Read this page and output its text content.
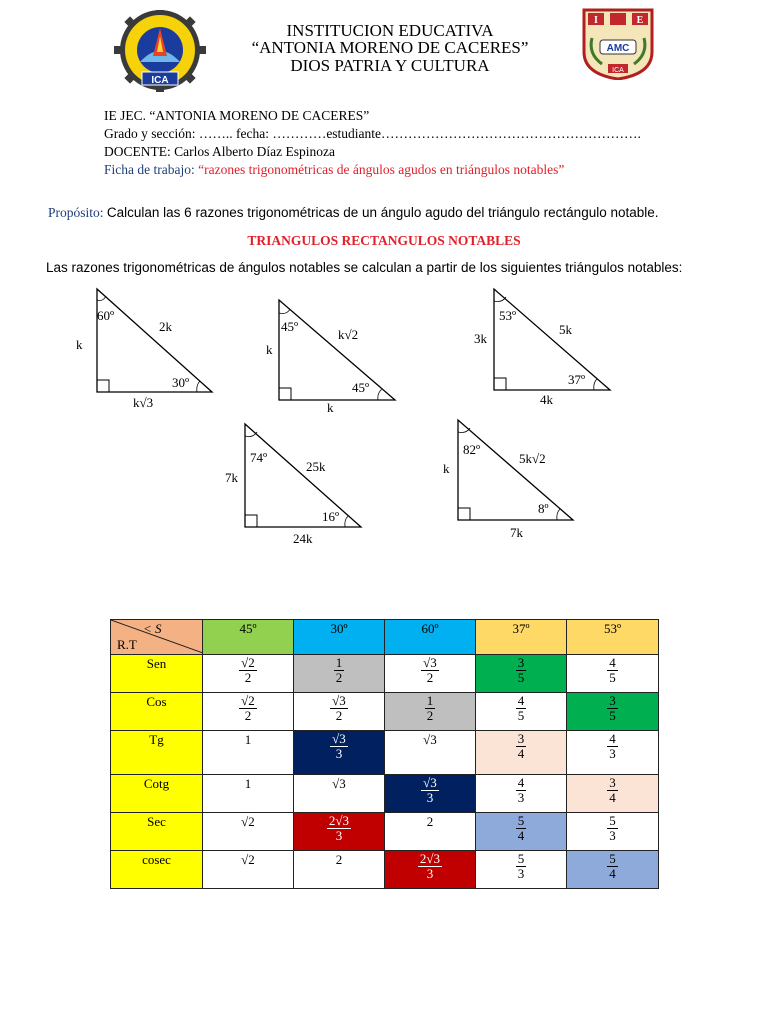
ICA
INSTITUCION EDUCATIVA
“ANTONIA MORENO DE CACERES”
DIOS PATRIA Y CULTURA
I	E
AMC
ICA
IE JEC. “ANTONIA MORENO DE CACERES”
Grado y sección: …….. fecha: …………estudiante………………………………………………….
DOCENTE: Carlos Alberto Díaz Espinoza
Ficha de trabajo: “razones trigonométricas de ángulos agudos en triángulos notables”
Propósito: Calculan las 6 razones trigonométricas de un ángulo agudo del triángulo rectángulo notable.
TRIANGULOS RECTANGULOS NOTABLES
Las razones trigonométricas de ángulos notables se calculan a partir de los siguientes triángulos notables:
60º
30º
k
2k
k√3
45º
45º
k
k√2
k
53º
37º
3k
5k
4k
74º
16º
7k
25k
24k
82º
8º
k
5k√2
7k
< S
R.T	45º	30º	60º	37º	53º
Sen	$\frac{√2}{2}$	$\frac{1}{2}$	$\frac{√3}{2}$	$\frac{3}{5}$	$\frac{4}{5}$

Cos	$\frac{√2}{2}$	$\frac{√3}{2}$	$\frac{1}{2}$	$\frac{4}{5}$	$\frac{3}{5}$

Tg	1	$\frac{√3}{3}$	√3	$\frac{3}{4}$	$\frac{4}{3}$

Cotg	1	√3	$\frac{√3}{3}$	$\frac{4}{3}$	$\frac{3}{4}$

Sec	√2	$\frac{2√3}{3}$	2	$\frac{5}{4}$	$\frac{5}{3}$

cosec	√2	2	$\frac{2√3}{3}$	$\frac{5}{3}$	$\frac{5}{4}$
